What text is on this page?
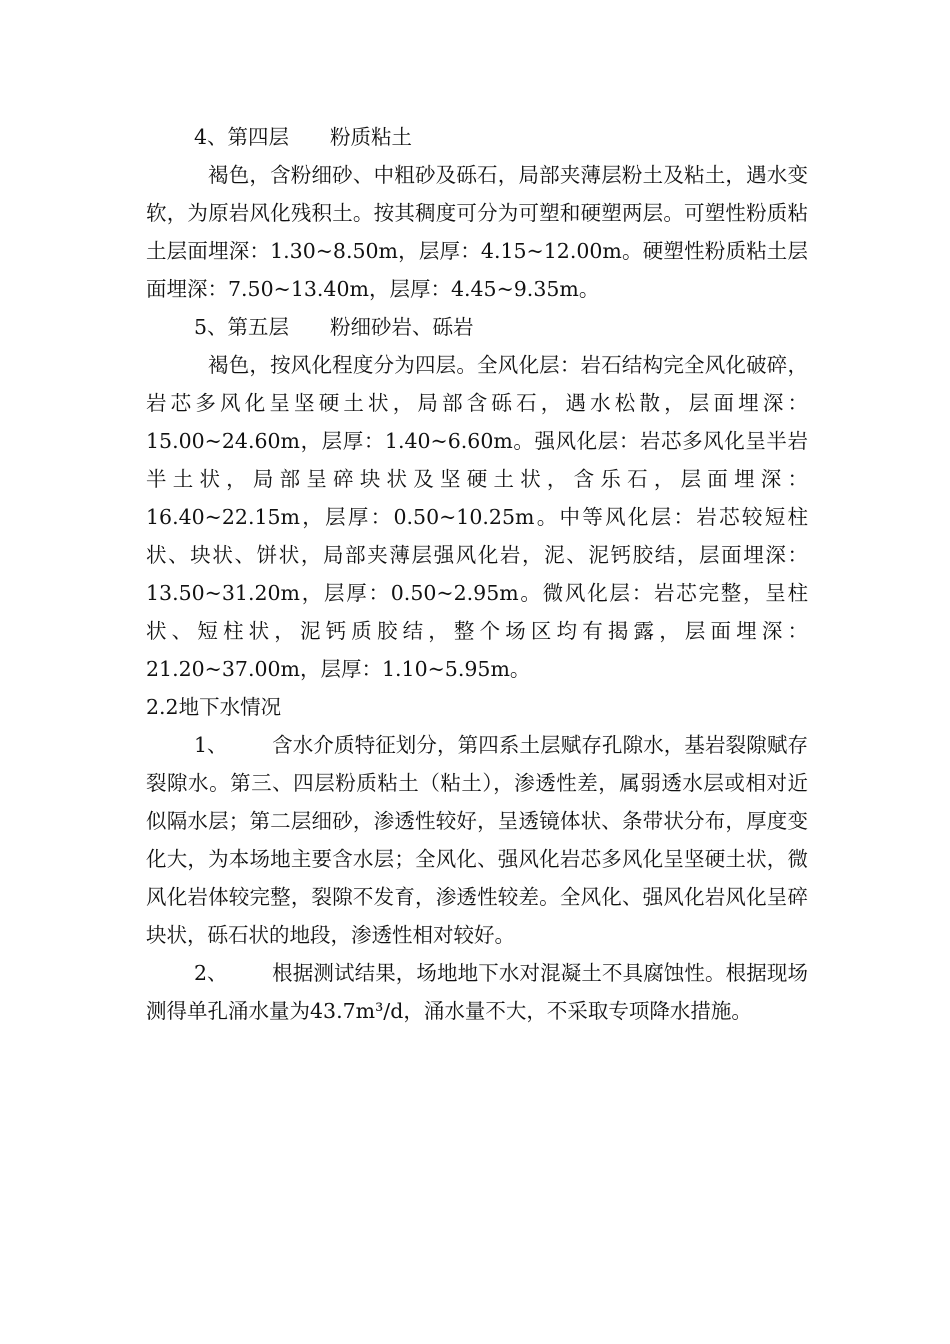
4、第四层　　粉质粘土

褐色，含粉细砂、中粗砂及砾石，局部夹薄层粉土及粘土，遇水变软，为原岩风化残积土。按其稠度可分为可塑和硬塑两层。可塑性粉质粘土层面埋深：1.30~8.50m，层厚：4.15~12.00m。硬塑性粉质粘土层面埋深：7.50~13.40m，层厚：4.45~9.35m。

5、第五层　　粉细砂岩、砾岩

褐色，按风化程度分为四层。全风化层：岩石结构完全风化破碎，岩芯多风化呈坚硬土状，局部含砾石，遇水松散，层面埋深：15.00~24.60m，层厚：1.40~6.60m。强风化层：岩芯多风化呈半岩半土状，局部呈碎块状及坚硬土状，含乐石，层面埋深：16.40~22.15m，层厚：0.50~10.25m。中等风化层：岩芯较短柱状、块状、饼状，局部夹薄层强风化岩，泥、泥钙胶结，层面埋深：13.50~31.20m，层厚：0.50~2.95m。微风化层：岩芯完整，呈柱状、短柱状，泥钙质胶结，整个场区均有揭露，层面埋深：21.20~37.00m，层厚：1.10~5.95m。

2.2地下水情况

1、 含水介质特征划分，第四系土层赋存孔隙水，基岩裂隙赋存裂隙水。第三、四层粉质粘土（粘土），渗透性差，属弱透水层或相对近似隔水层；第二层细砂，渗透性较好，呈透镜体状、条带状分布，厚度变化大，为本场地主要含水层；全风化、强风化岩芯多风化呈坚硬土状，微风化岩体较完整，裂隙不发育，渗透性较差。全风化、强风化岩风化呈碎块状，砾石状的地段，渗透性相对较好。

2、 根据测试结果，场地地下水对混凝土不具腐蚀性。根据现场测得单孔涌水量为43.7m³/d，涌水量不大，不采取专项降水措施。
